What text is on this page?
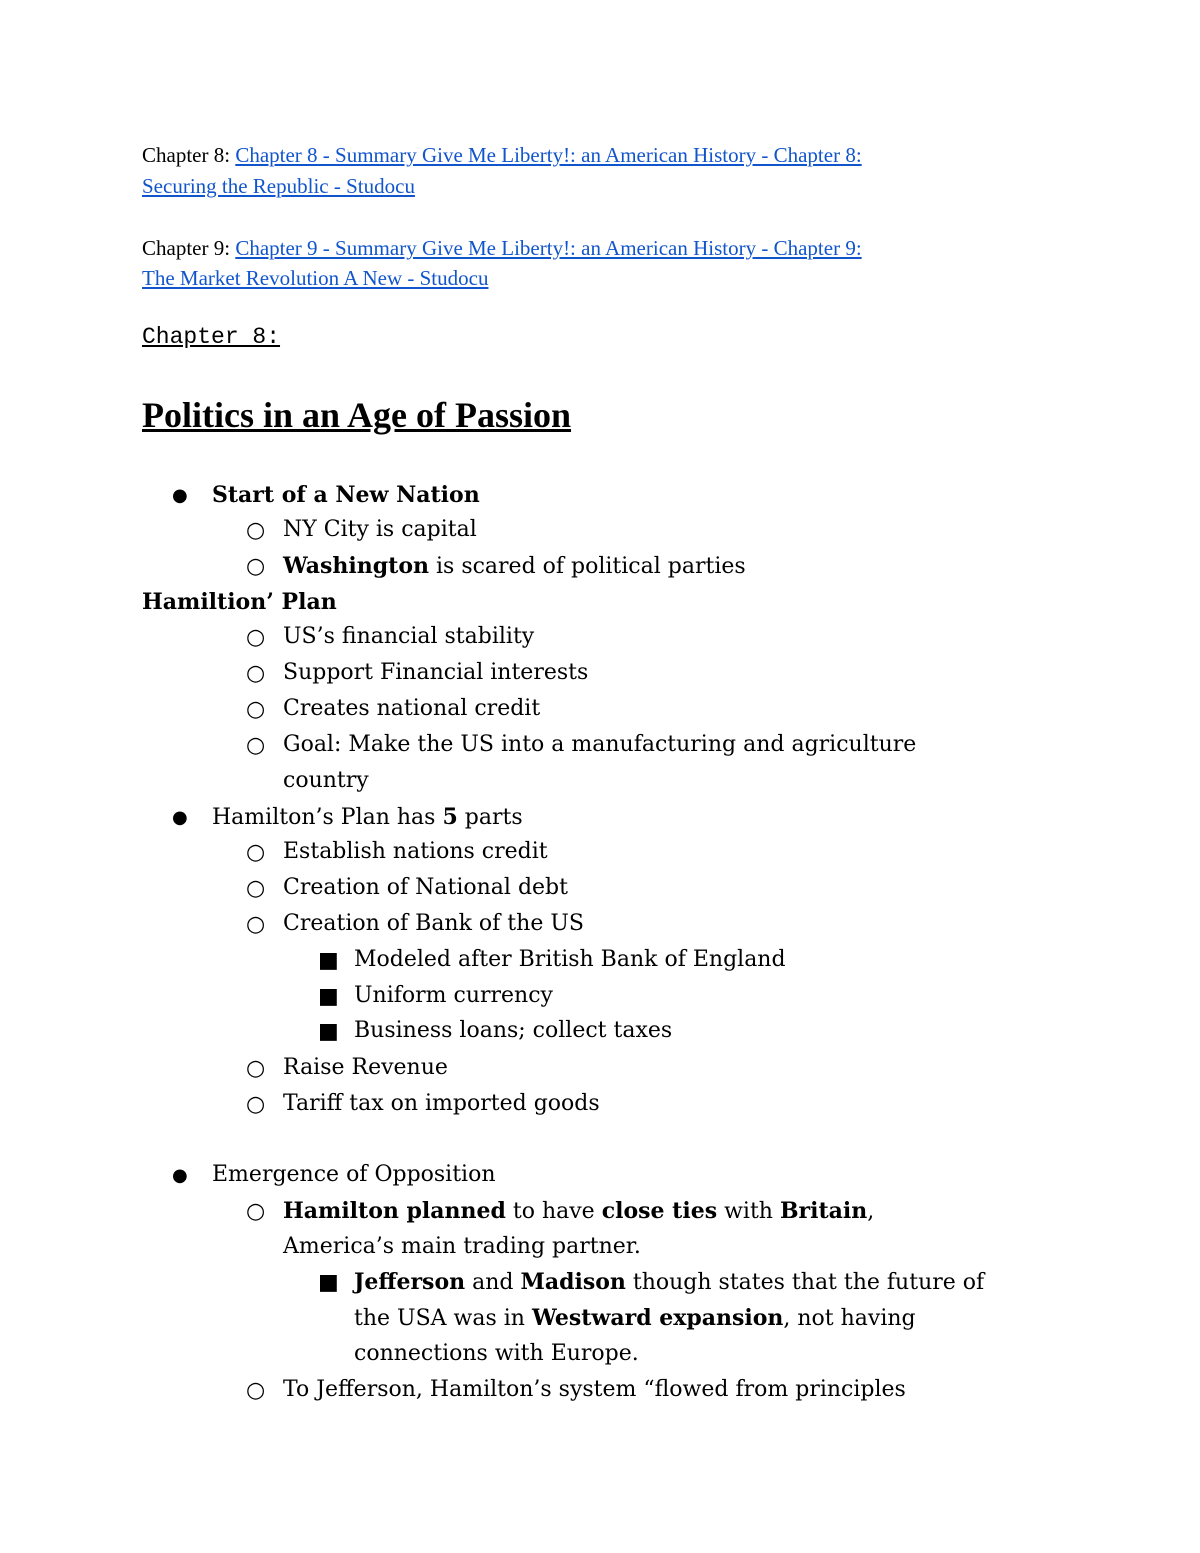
Chapter 8: Chapter 8 - Summary Give Me Liberty!: an American History - Chapter 8:
Securing the Republic - Studocu
Chapter 9: Chapter 9 - Summary Give Me Liberty!: an American History - Chapter 9:
The Market Revolution A New - Studocu
Chapter 8:
Politics in an Age of Passion
● Start of a New Nation
○ NY City is capital
○ Washington is scared of political parties
Hamiltion’ Plan
○ US’s financial stability
○ Support Financial interests
○ Creates national credit
○ Goal: Make the US into a manufacturing and agriculture
country
● Hamilton’s Plan has 5 parts
○ Establish nations credit
○ Creation of National debt
○ Creation of Bank of the US
■ Modeled after British Bank of England
■ Uniform currency
■ Business loans; collect taxes
○ Raise Revenue
○ Tariff tax on imported goods
● Emergence of Opposition
○ Hamilton planned to have close ties with Britain,
America’s main trading partner.
■ Jefferson and Madison though states that the future of
the USA was in Westward expansion, not having
connections with Europe.
○ To Jefferson, Hamilton’s system “flowed from principles
